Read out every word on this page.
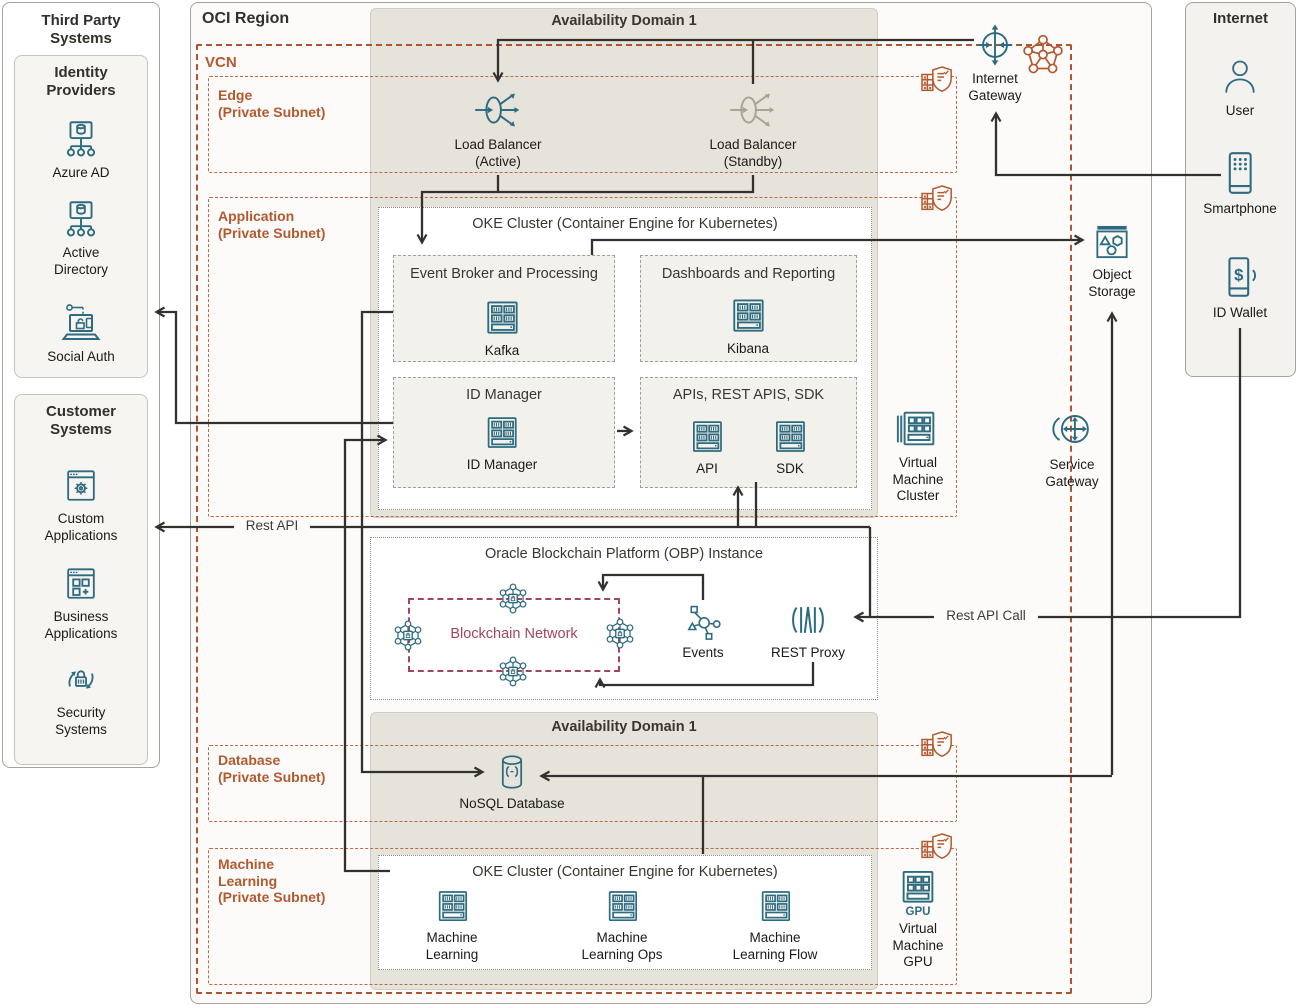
Third Party Systems
Identity Providers
Azure AD
Active Directory
Social Auth
Customer Systems
Custom Applications
Business Applications
Security Systems
OCI Region	Availability Domain 1
Availability Domain 1
VCN
Edge
(Private Subnet)
Application
(Private Subnet)
Database
(Private Subnet)
Machine Learning
(Private Subnet)
Load Balancer
(Active)
Load Balancer
(Standby)
OKE Cluster (Container Engine for Kubernetes)
Event Broker and Processing
Kafka
Dashboards and Reporting
Kibana
ID Manager
ID Manager
APIs, REST APIS, SDK
API	SDK
Oracle Blockchain Platform (OBP) Instance
Blockchain Network
Events	REST Proxy
NoSQL Database
OKE Cluster (Container Engine for Kubernetes)
Machine Learning
Machine Learning Ops
Machine Learning Flow
Internet Gateway
Object Storage
Virtual Machine Cluster
Service Gateway
GPU
Virtual Machine GPU
Internet
User
Smartphone
$
ID Wallet
Rest API
Rest API Call
